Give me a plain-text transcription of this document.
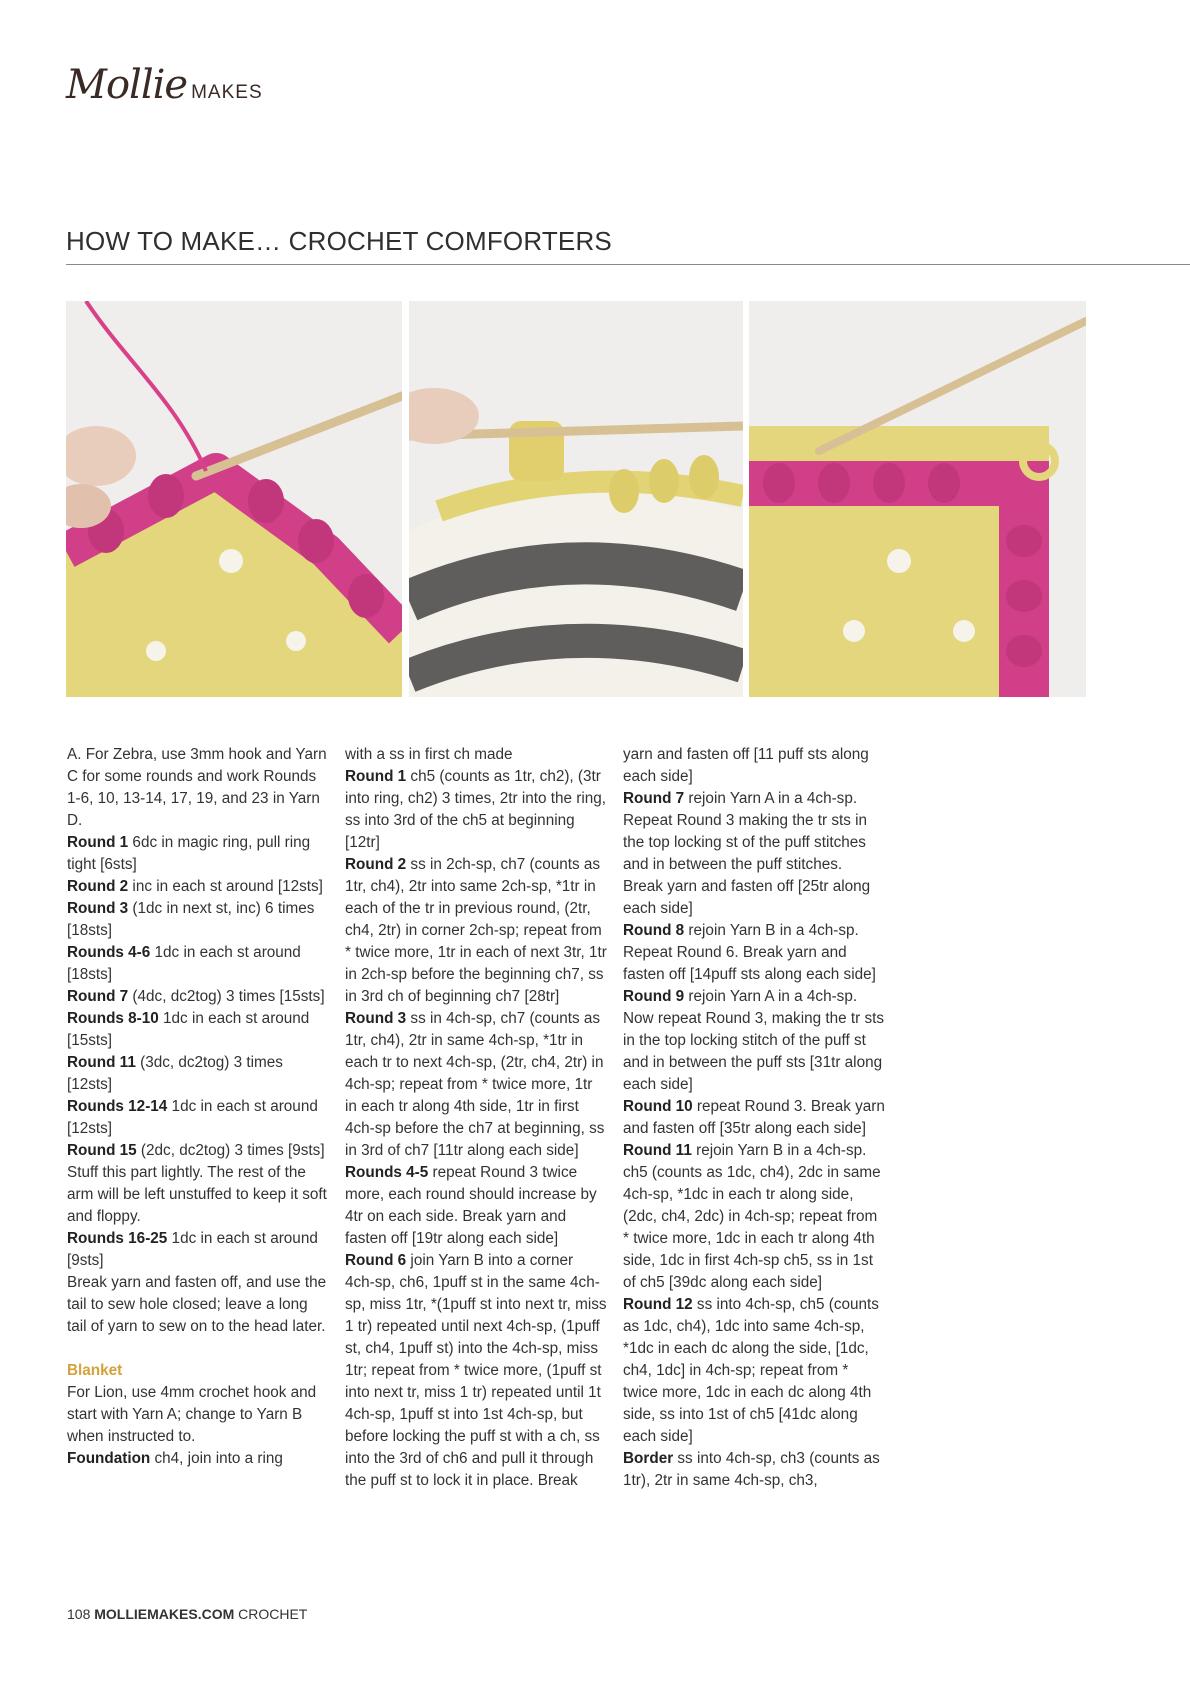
Mollie MAKES
HOW TO MAKE… CROCHET COMFORTERS

A. For Zebra, use 3mm hook and Yarn C for some rounds and work Rounds 1-6, 10, 13-14, 17, 19, and 23 in Yarn D.

Round 1 6dc in magic ring, pull ring tight [6sts]

Round 2 inc in each st around [12sts]

Round 3 (1dc in next st, inc) 6 times [18sts]

Rounds 4-6 1dc in each st around [18sts]

Round 7 (4dc, dc2tog) 3 times [15sts]

Rounds 8-10 1dc in each st around [15sts]

Round 11 (3dc, dc2tog) 3 times [12sts]

Rounds 12-14 1dc in each st around [12sts]

Round 15 (2dc, dc2tog) 3 times [9sts]

Stuff this part lightly. The rest of the arm will be left unstuffed to keep it soft and floppy.

Rounds 16-25 1dc in each st around [9sts]

Break yarn and fasten off, and use the tail to sew hole closed; leave a long tail of yarn to sew on to the head later.

Blanket

For Lion, use 4mm crochet hook and start with Yarn A; change to Yarn B when instructed to.

Foundation ch4, join into a ring

with a ss in first ch made

Round 1 ch5 (counts as 1tr, ch2), (3tr into ring, ch2) 3 times, 2tr into the ring, ss into 3rd of the ch5 at beginning [12tr]

Round 2 ss in 2ch-sp, ch7 (counts as 1tr, ch4), 2tr into same 2ch-sp, *1tr in each of the tr in previous round, (2tr, ch4, 2tr) in corner 2ch-sp; repeat from * twice more, 1tr in each of next 3tr, 1tr in 2ch-sp before the beginning ch7, ss in 3rd ch of beginning ch7 [28tr]

Round 3 ss in 4ch-sp, ch7 (counts as 1tr, ch4), 2tr in same 4ch-sp, *1tr in each tr to next 4ch-sp, (2tr, ch4, 2tr) in 4ch-sp; repeat from * twice more, 1tr in each tr along 4th side, 1tr in first 4ch-sp before the ch7 at beginning, ss in 3rd of ch7 [11tr along each side]

Rounds 4-5 repeat Round 3 twice more, each round should increase by 4tr on each side. Break yarn and fasten off [19tr along each side]

Round 6 join Yarn B into a corner 4ch-sp, ch6, 1puff st in the same 4ch-sp, miss 1tr, *(1puff st into next tr, miss 1 tr) repeated until next 4ch-sp, (1puff st, ch4, 1puff st) into the 4ch-sp, miss 1tr; repeat from * twice more, (1puff st into next tr, miss 1 tr) repeated until 1t 4ch-sp, 1puff st into 1st 4ch-sp, but before locking the puff st with a ch, ss into the 3rd of ch6 and pull it through the puff st to lock it in place. Break

yarn and fasten off [11 puff sts along each side]

Round 7 rejoin Yarn A in a 4ch-sp. Repeat Round 3 making the tr sts in the top locking st of the puff stitches and in between the puff stitches. Break yarn and fasten off [25tr along each side]

Round 8 rejoin Yarn B in a 4ch-sp. Repeat Round 6. Break yarn and fasten off [14puff sts along each side]

Round 9 rejoin Yarn A in a 4ch-sp. Now repeat Round 3, making the tr sts in the top locking stitch of the puff st and in between the puff sts [31tr along each side]

Round 10 repeat Round 3. Break yarn and fasten off [35tr along each side]

Round 11 rejoin Yarn B in a 4ch-sp. ch5 (counts as 1dc, ch4), 2dc in same 4ch-sp, *1dc in each tr along side, (2dc, ch4, 2dc) in 4ch-sp; repeat from * twice more, 1dc in each tr along 4th side, 1dc in first 4ch-sp ch5, ss in 1st of ch5 [39dc along each side]

Round 12 ss into 4ch-sp, ch5 (counts as 1dc, ch4), 1dc into same 4ch-sp, *1dc in each dc along the side, [1dc, ch4, 1dc] in 4ch-sp; repeat from * twice more, 1dc in each dc along 4th side, ss into 1st of ch5 [41dc along each side]

Border ss into 4ch-sp, ch3 (counts as 1tr), 2tr in same 4ch-sp, ch3,

108 MOLLIEMAKES.COM CROCHET
